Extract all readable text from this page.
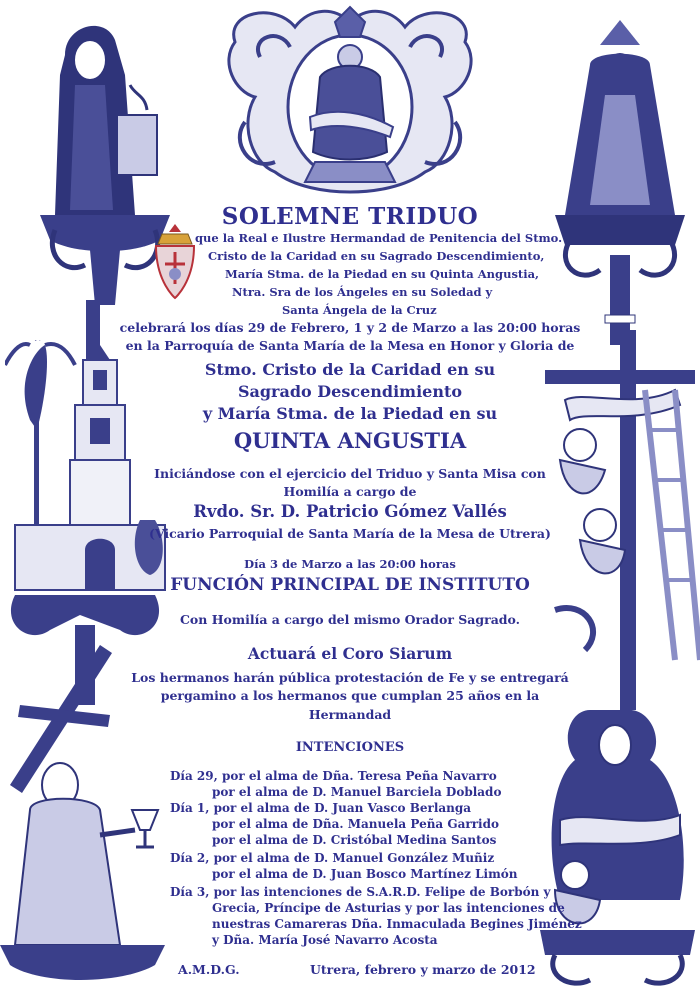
SOLEMNE TRIDUO
que la Real e Ilustre Hermandad de Penitencia del Stmo.
Cristo de la Caridad en su Sagrado Descendimiento,
María Stma. de la Piedad en su Quinta Angustia,
Ntra. Sra de los Ángeles en su Soledad y
Santa Ángela de la Cruz
celebrará los días 29 de Febrero, 1 y 2 de Marzo a las 20:00 horas
en la Parroquía de Santa María de la Mesa en Honor y Gloria de
Stmo. Cristo de la Caridad en su
Sagrado Descendimiento
y María Stma. de la Piedad en su
QUINTA ANGUSTIA
Iniciándose con el ejercicio del Triduo y Santa Misa con
Homilía a cargo de
Rvdo. Sr. D. Patricio Gómez Vallés
(Vicario Parroquial de Santa María de la Mesa de Utrera)
Día 3 de Marzo a las 20:00 horas
FUNCIÓN PRINCIPAL DE INSTITUTO
Con Homilía a cargo del mismo Orador Sagrado.
Actuará el Coro Siarum
Los hermanos harán pública protestación de Fe y se entregará
pergamino a los hermanos que cumplan 25 años en la
Hermandad
INTENCIONES
Día 29, por el alma de Dña. Teresa Peña Navarro
por el alma de D. Manuel Barciela Doblado
Día 1, por el alma de D. Juan Vasco Berlanga
por el alma de Dña. Manuela Peña Garrido
por el alma de D. Cristóbal Medina Santos
Día 2, por el alma de D. Manuel González Muñiz
por el alma de D. Juan Bosco Martínez Limón
Día 3, por las intenciones de S.A.R.D. Felipe de Borbón y
Grecia, Príncipe de Asturias y por las intenciones de
nuestras Camareras Dña. Inmaculada Begines Jiménez
y Dña. María José Navarro Acosta
A.M.D.G.	Utrera, febrero y marzo de 2012
